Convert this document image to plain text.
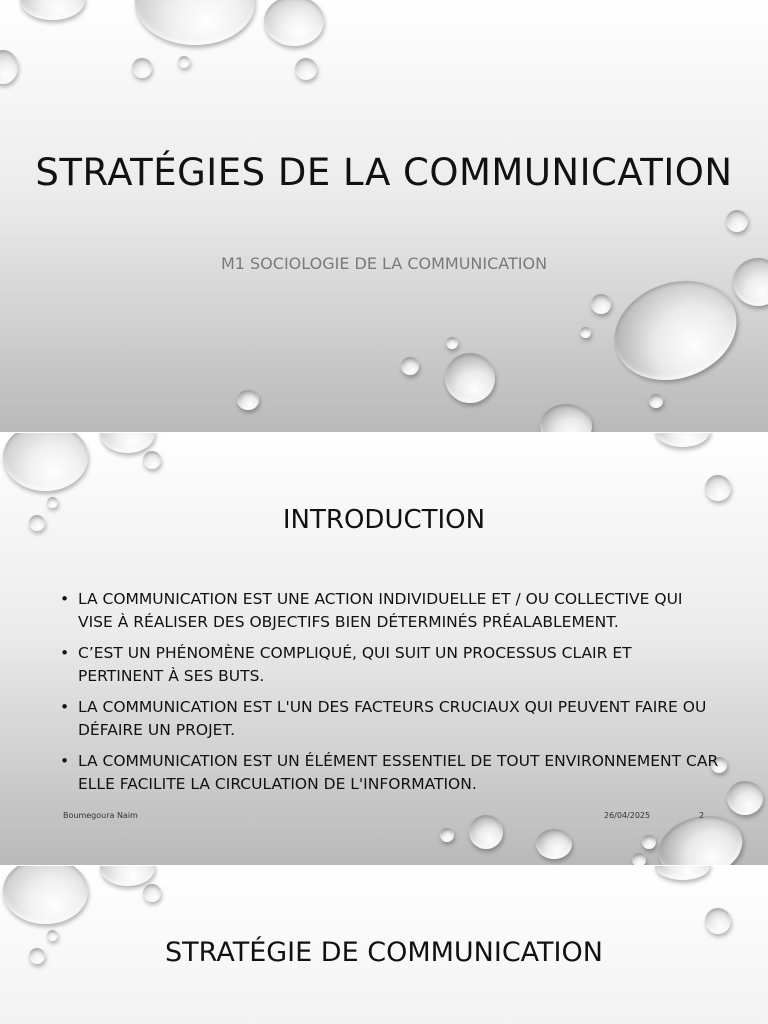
STRATÉGIES DE LA COMMUNICATION
M1 SOCIOLOGIE DE LA COMMUNICATION
INTRODUCTION
• LA COMMUNICATION EST UNE ACTION INDIVIDUELLE ET / OU COLLECTIVE QUI VISE À RÉALISER DES OBJECTIFS BIEN DÉTERMINÉS PRÉALABLEMENT.
• C’EST UN PHÉNOMÈNE COMPLIQUÉ, QUI SUIT UN PROCESSUS CLAIR ET PERTINENT À SES BUTS.
• LA COMMUNICATION EST L'UN DES FACTEURS CRUCIAUX QUI PEUVENT FAIRE OU DÉFAIRE UN PROJET.
• LA COMMUNICATION EST UN ÉLÉMENT ESSENTIEL DE TOUT ENVIRONNEMENT CAR ELLE FACILITE LA CIRCULATION DE L'INFORMATION.
Boumegoura Naim	26/04/2025	2
STRATÉGIE DE COMMUNICATION
